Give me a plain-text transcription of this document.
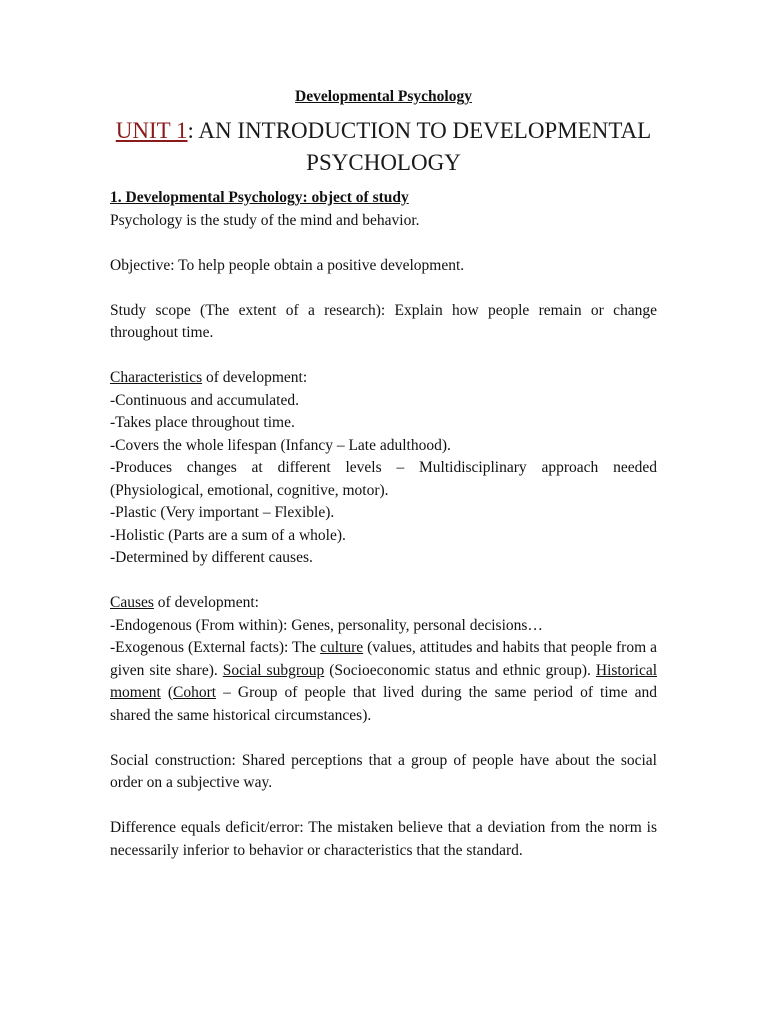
Developmental Psychology
UNIT 1: AN INTRODUCTION TO DEVELOPMENTAL PSYCHOLOGY

1. Developmental Psychology: object of study

Psychology is the study of the mind and behavior.

Objective: To help people obtain a positive development.

Study scope (The extent of a research): Explain how people remain or change throughout time.

Characteristics of development:

-Continuous and accumulated.

-Takes place throughout time.

-Covers the whole lifespan (Infancy – Late adulthood).

-Produces changes at different levels – Multidisciplinary approach needed (Physiological, emotional, cognitive, motor).

-Plastic (Very important – Flexible).

-Holistic (Parts are a sum of a whole).

-Determined by different causes.

Causes of development:

-Endogenous (From within): Genes, personality, personal decisions…

-Exogenous (External facts): The culture (values, attitudes and habits that people from a given site share). Social subgroup (Socioeconomic status and ethnic group). Historical moment (Cohort – Group of people that lived during the same period of time and shared the same historical circumstances).

Social construction: Shared perceptions that a group of people have about the social order on a subjective way.

Difference equals deficit/error: The mistaken believe that a deviation from the norm is necessarily inferior to behavior or characteristics that the standard.
